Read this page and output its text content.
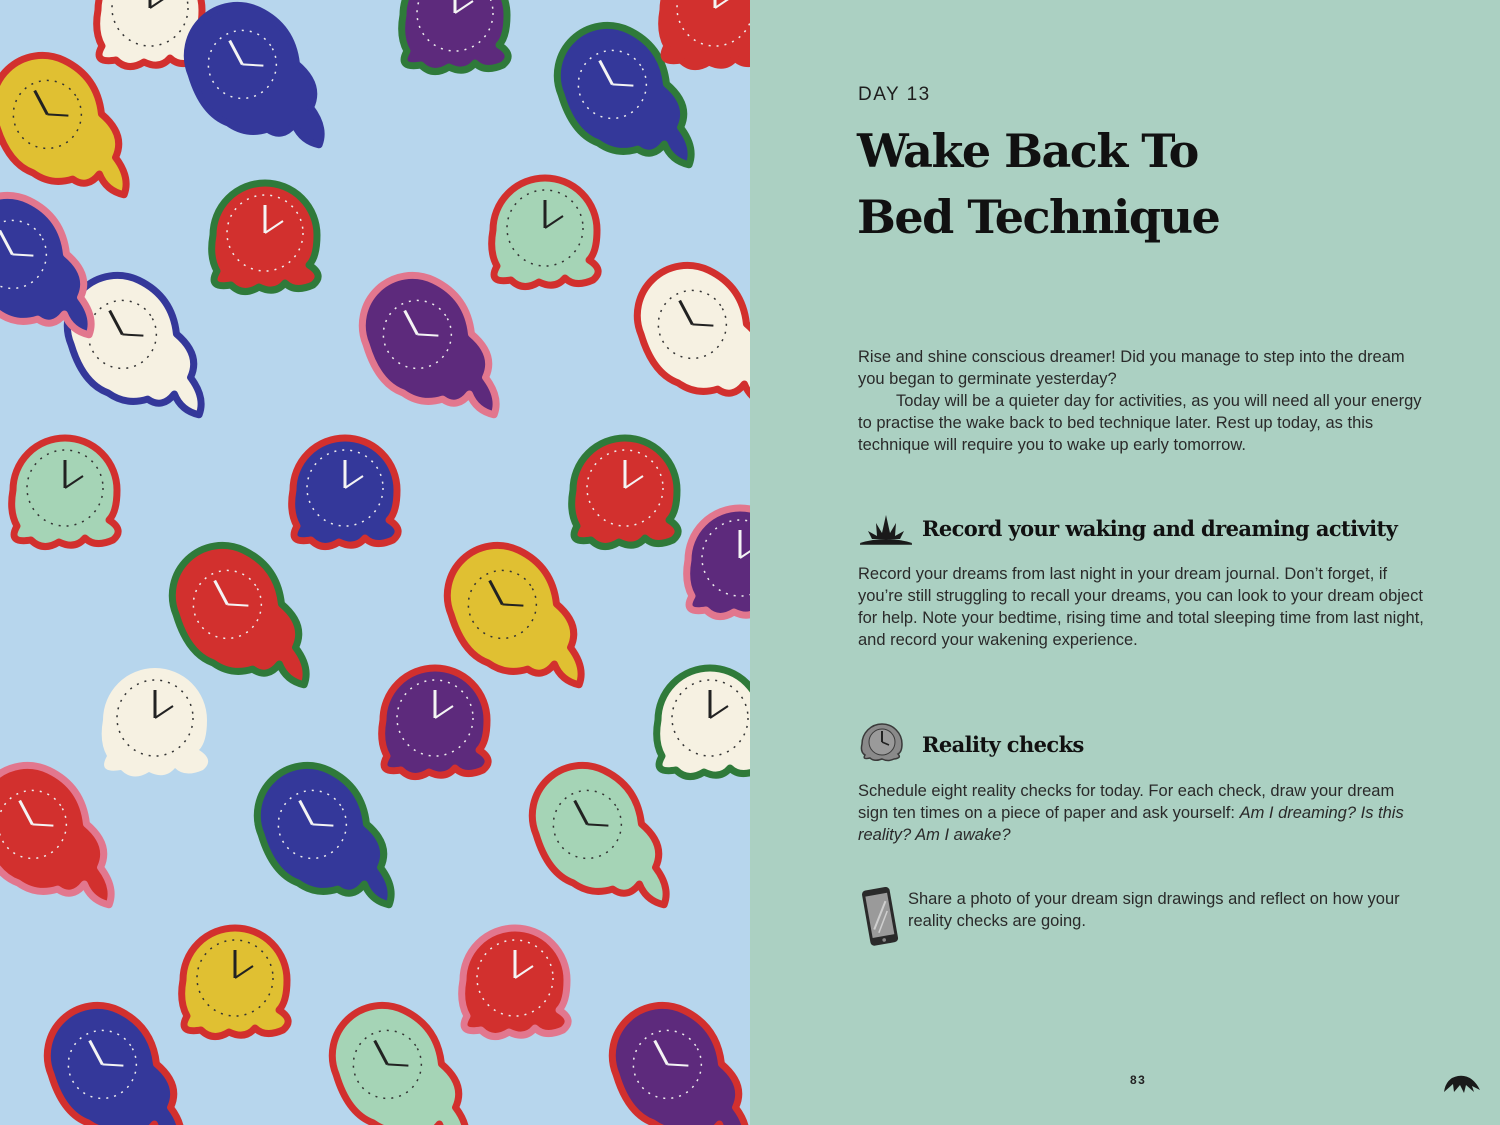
DAY 13
Wake Back To
Bed Technique

Rise and shine conscious dreamer! Did you manage to step into the dream you began to germinate yesterday?

Today will be a quieter day for activities, as you will need all your energy to practise the wake back to bed technique later. Rest up today, as this technique will require you to wake up early tomorrow.

Record your waking and dreaming activity

Record your dreams from last night in your dream journal. Don’t forget, if you’re still struggling to recall your dreams, you can look to your dream object for help. Note your bedtime, rising time and total sleeping time from last night, and record your wakening experience.

Reality checks

Schedule eight reality checks for today. For each check, draw your dream sign ten times on a piece of paper and ask yourself: Am I dreaming? Is this reality? Am I awake?

Share a photo of your dream sign drawings and reflect on how your reality checks are going.

83
